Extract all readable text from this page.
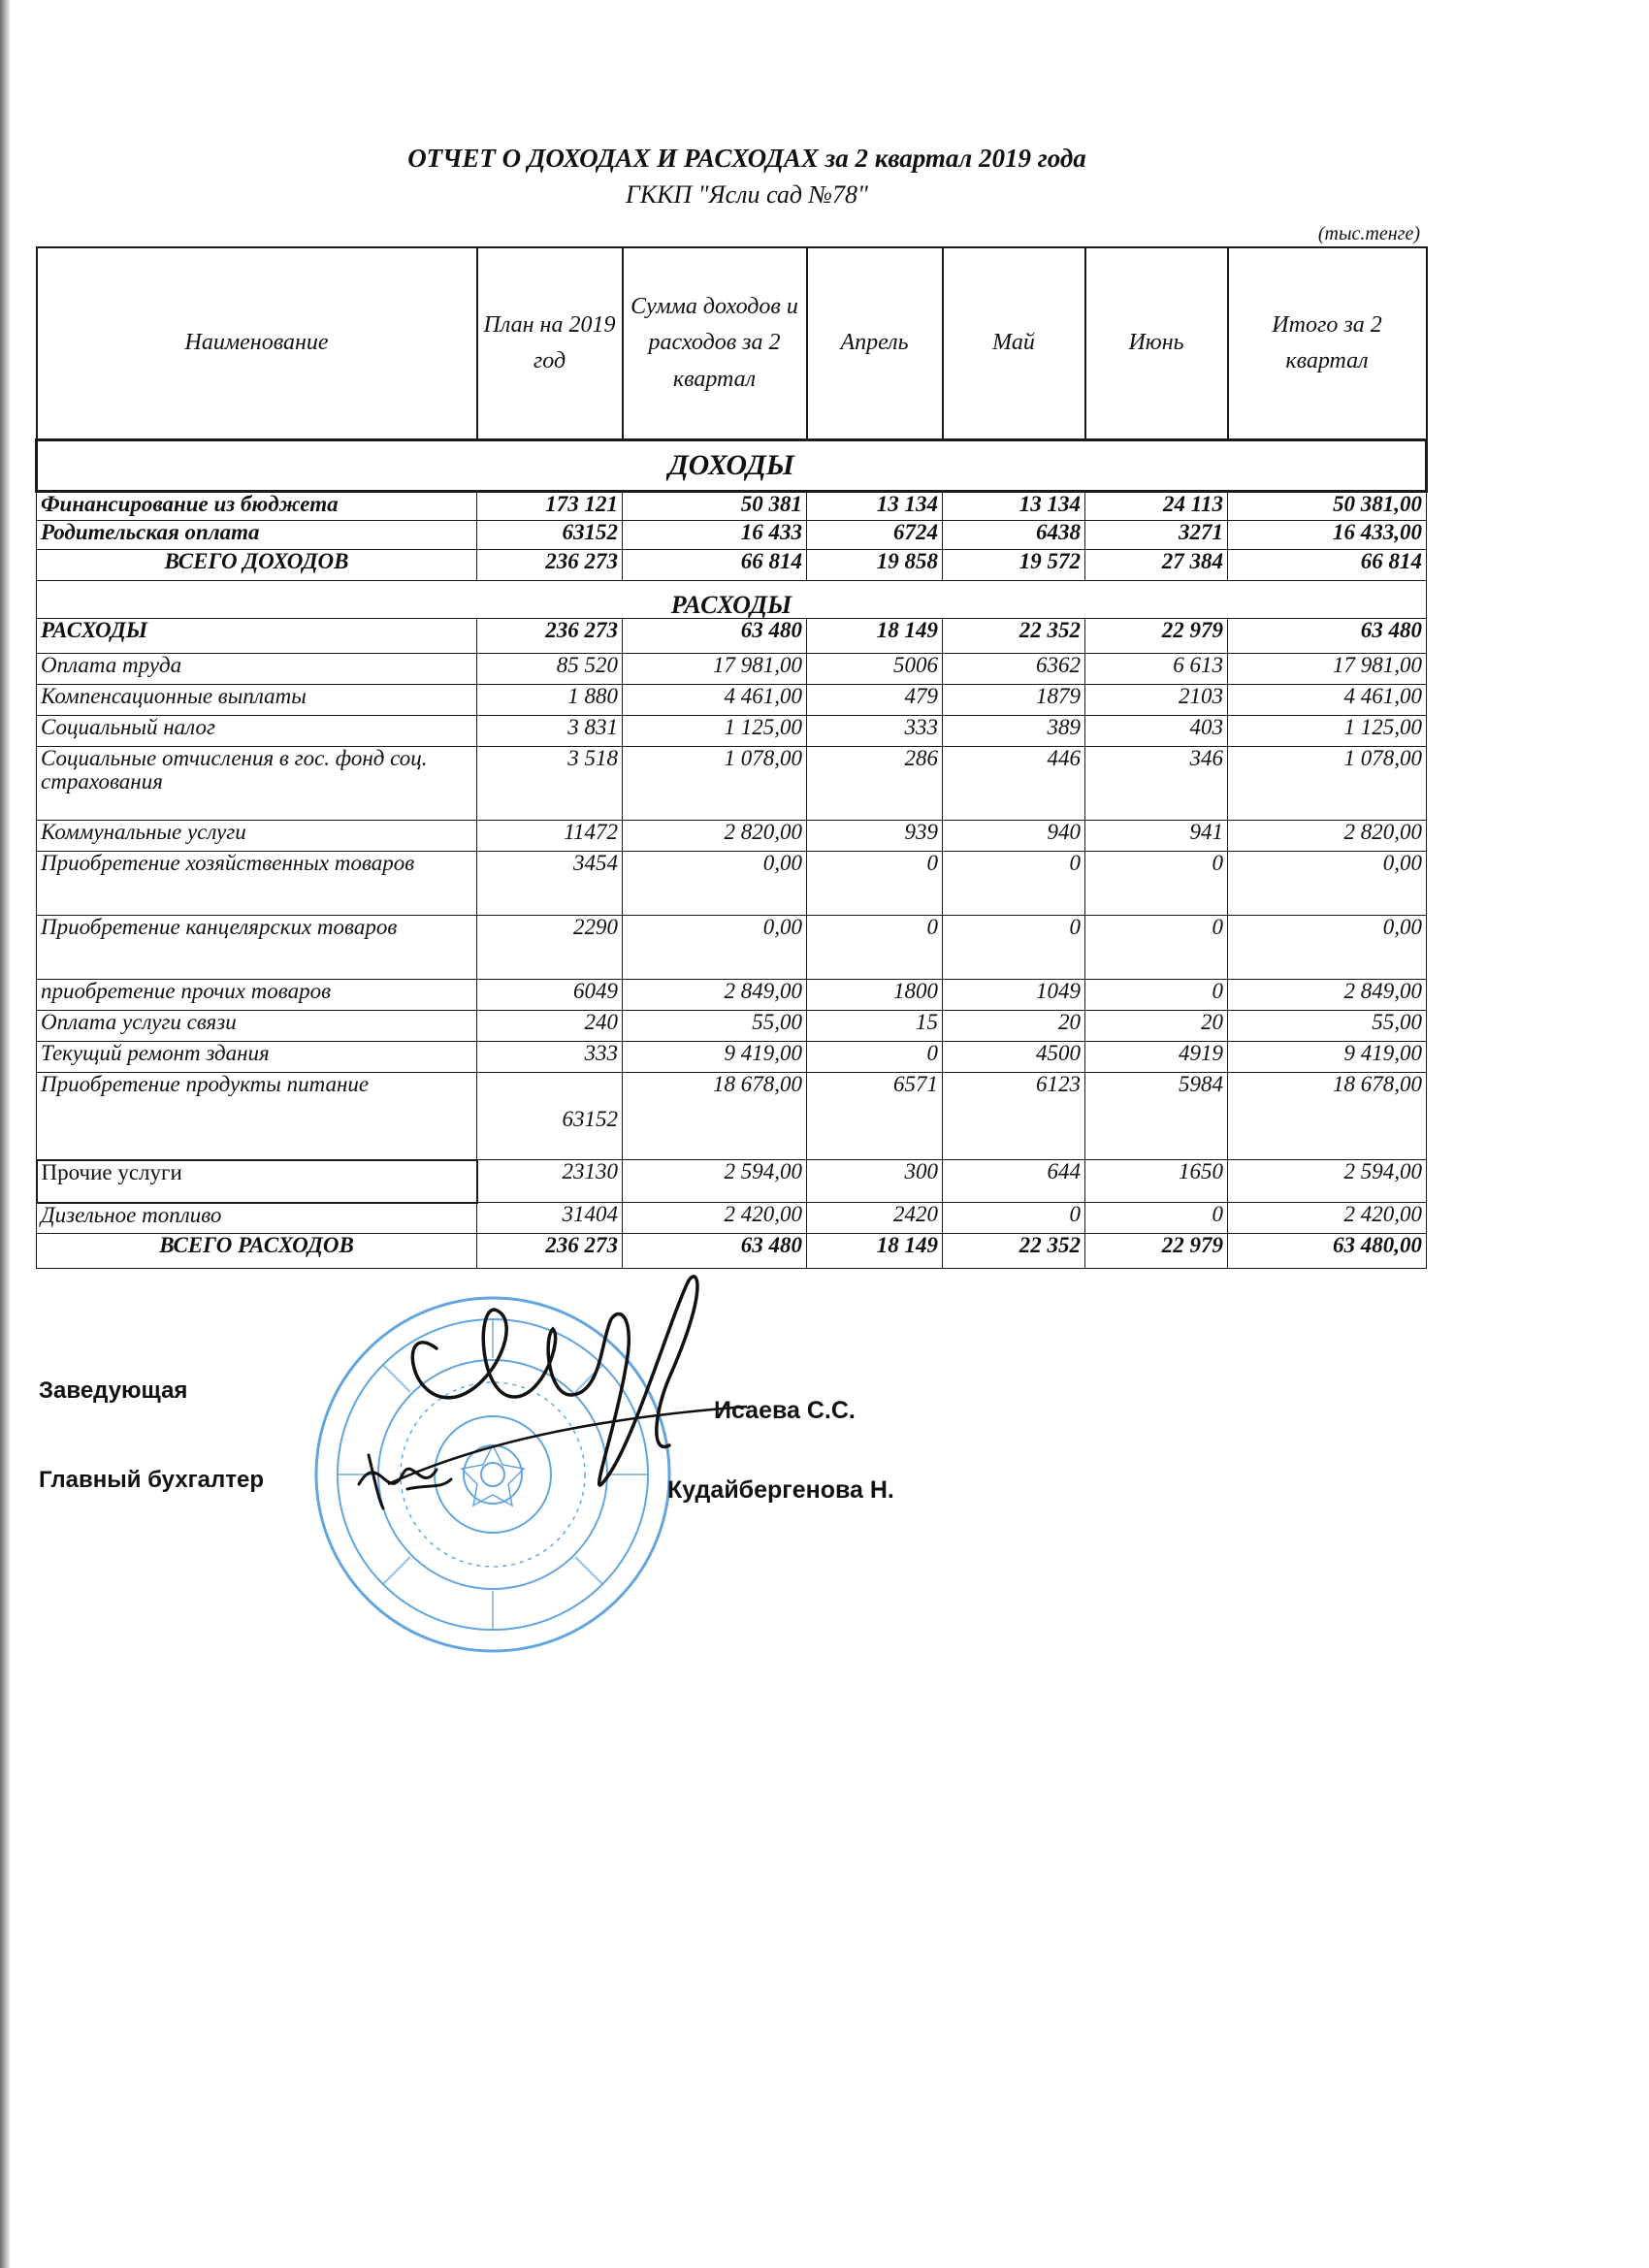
ОТЧЕТ О ДОХОДАХ И РАСХОДАХ за 2 квартал 2019 года
ГККП "Ясли сад №78"
(тыс.тенге)
Наименование	План на 2019 год	Сумма доходов и расходов за 2 квартал	Апрель	Май	Июнь	Итого за 2 квартал
ДОХОДЫ						
Финансирование из бюджета	173 121	50 381	13 134	13 134	24 113	50 381,00
Родительская оплата	63152	16 433	6724	6438	3271	16 433,00
ВСЕГО ДОХОДОВ	236 273	66 814	19 858	19 572	27 384	66 814
РАСХОДЫ						
РАСХОДЫ	236 273	63 480	18 149	22 352	22 979	63 480
Оплата труда	85 520	17 981,00	5006	6362	6 613	17 981,00
Компенсационные выплаты	1 880	4 461,00	479	1879	2103	4 461,00
Социальный налог	3 831	1 125,00	333	389	403	1 125,00
Социальные отчисления в гос. фонд соц. страхования	3 518	1 078,00	286	446	346	1 078,00
Коммунальные услуги	11472	2 820,00	939	940	941	2 820,00
Приобретение хозяйственных товаров	3454	0,00	0	0	0	0,00
Приобретение канцелярских товаров	2290	0,00	0	0	0	0,00
приобретение прочих товаров	6049	2 849,00	1800	1049	0	2 849,00
Оплата услуги связи	240	55,00	15	20	20	55,00
Текущий ремонт здания	333	9 419,00	0	4500	4919	9 419,00
Приобретение продукты питание	63152	18 678,00	6571	6123	5984	18 678,00
Прочие услуги	23130	2 594,00	300	644	1650	2 594,00
Дизельное топливо	31404	2 420,00	2420	0	0	2 420,00
ВСЕГО РАСХОДОВ	236 273	63 480	18 149	22 352	22 979	63 480,00
Заведующая
Исаева С.С.
Главный бухгалтер	Кудайбергенова Н.
